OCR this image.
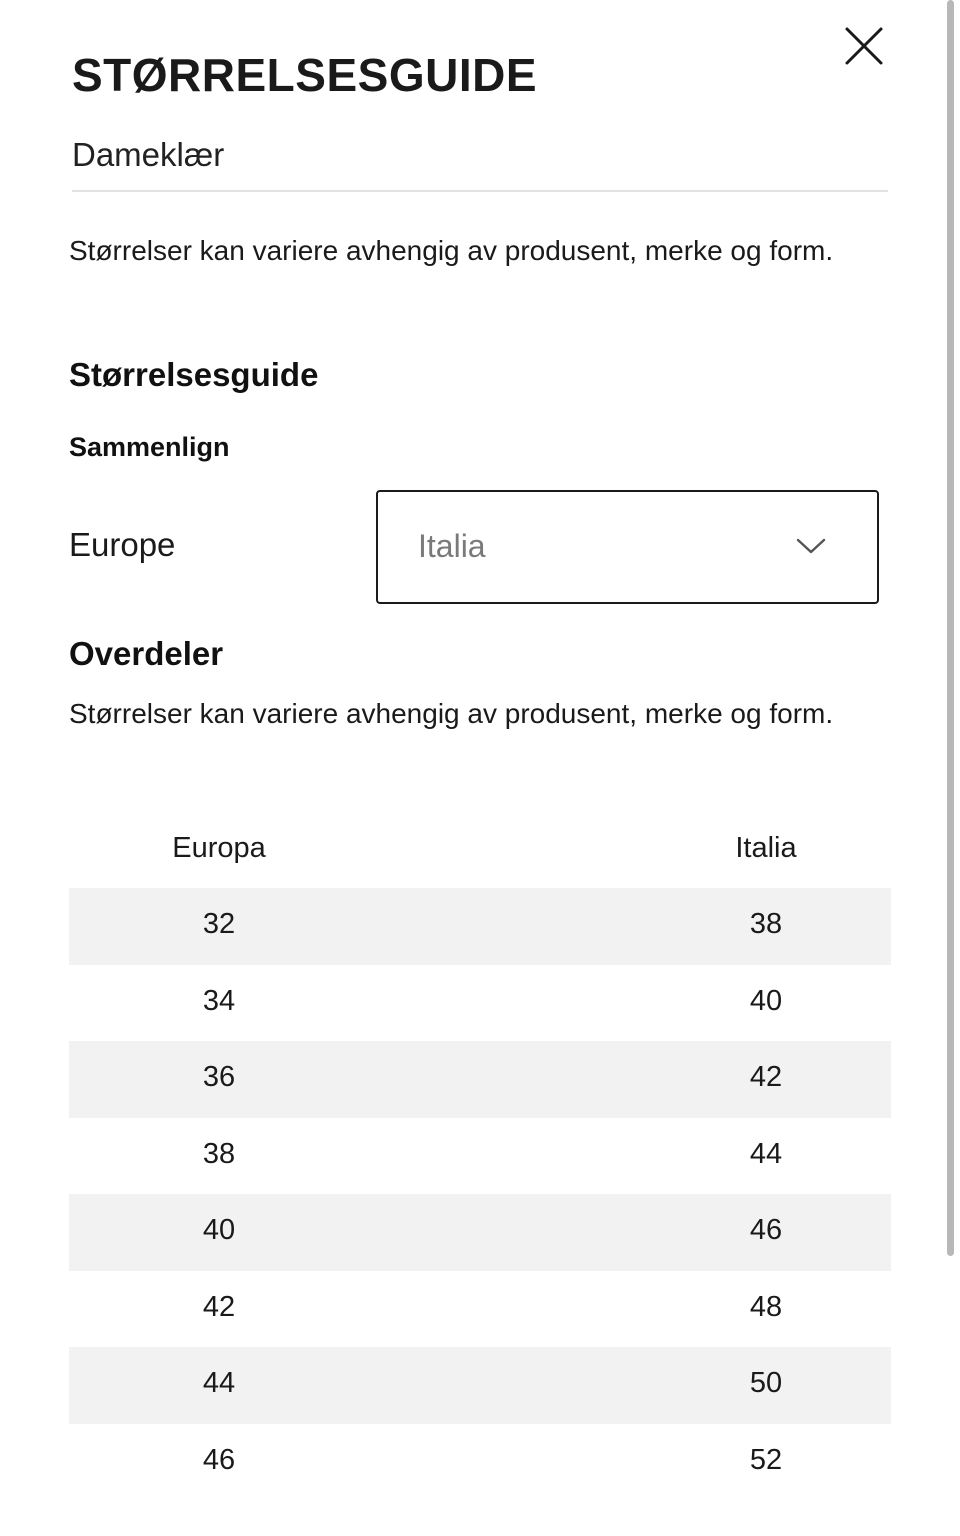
STØRRELSESGUIDE
Dameklær
Størrelser kan variere avhengig av produsent, merke og form.
Størrelsesguide
Sammenlign
Europe	Italia
Overdeler
Størrelser kan variere avhengig av produsent, merke og form.
Europa	Italia
32	38
34	40
36	42
38	44
40	46
42	48
44	50
46	52
